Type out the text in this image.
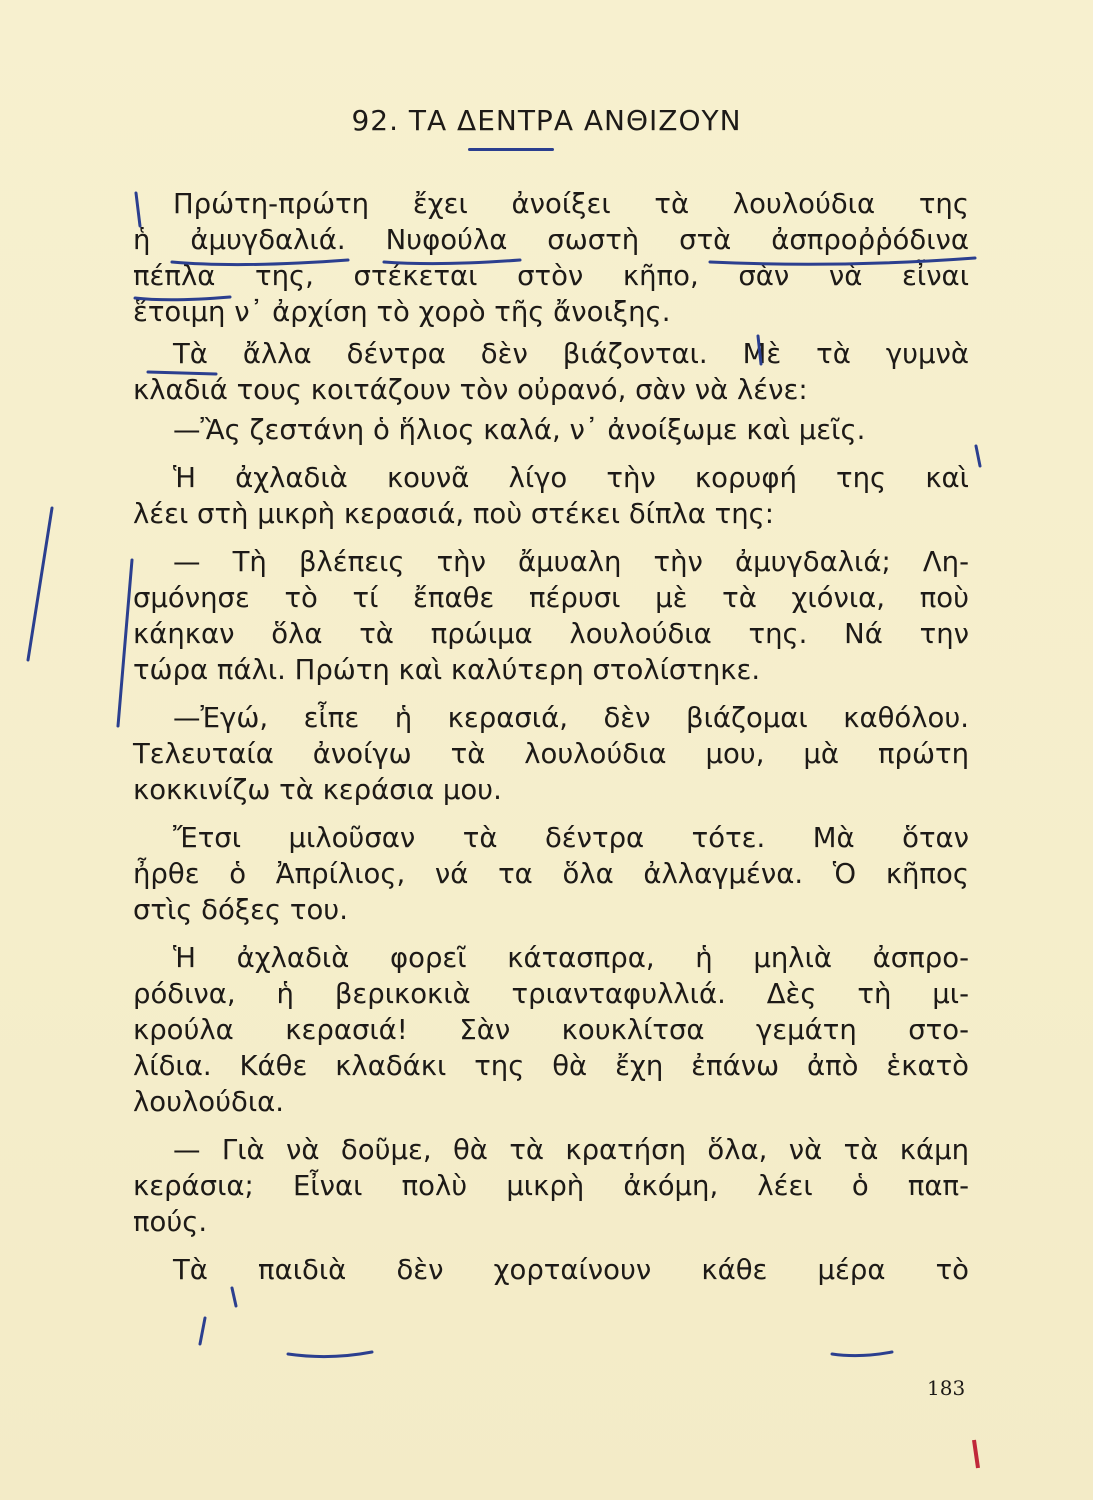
92. ΤΑ ΔΕΝΤΡΑ ΑΝΘΙΖΟΥΝ
Πρώτη-πρώτη ἔχει ἀνοίξει τὰ λουλούδια της
ἡ ἀμυγδαλιά. Νυφούλα σωστὴ στὰ ἀσπροῤῥόδινα
πέπλα της, στέκεται στὸν κῆπο, σὰν νὰ εἶναι
ἕτοιμη ν᾿ ἀρχίση τὸ χορὸ τῆς ἄνοιξης.
Τὰ ἄλλα δέντρα δὲν βιάζονται. Μὲ τὰ γυμνὰ
κλαδιά τους κοιτάζουν τὸν οὐρανό, σὰν νὰ λένε:
—Ἂς ζεστάνη ὁ ἥλιος καλά, ν᾿ ἀνοίξωμε καὶ μεῖς.
Ἡ ἀχλαδιὰ κουνᾶ λίγο τὴν κορυφή της καὶ
λέει στὴ μικρὴ κερασιά, ποὺ στέκει δίπλα της:
— Τὴ βλέπεις τὴν ἄμυαλη τὴν ἀμυγδαλιά; Λη-
σμόνησε τὸ τί ἔπαθε πέρυσι μὲ τὰ χιόνια, ποὺ
κάηκαν ὅλα τὰ πρώιμα λουλούδια της. Νά την
τώρα πάλι. Πρώτη καὶ καλύτερη στολίστηκε.
—Ἐγώ, εἶπε ἡ κερασιά, δὲν βιάζομαι καθόλου.
Τελευταία ἀνοίγω τὰ λουλούδια μου, μὰ πρώτη
κοκκινίζω τὰ κεράσια μου.
Ἔτσι μιλοῦσαν τὰ δέντρα τότε. Μὰ ὅταν
ἦρθε ὁ Ἀπρίλιος, νά τα ὅλα ἀλλαγμένα. Ὁ κῆπος
στὶς δόξες του.
Ἡ ἀχλαδιὰ φορεῖ κάτασπρα, ἡ μηλιὰ ἀσπρο-
ρόδινα, ἡ βερικοκιὰ τριανταφυλλιά. Δὲς τὴ μι-
κρούλα κερασιά! Σὰν κουκλίτσα γεμάτη στο-
λίδια. Κάθε κλαδάκι της θὰ ἔχη ἐπάνω ἀπὸ ἑκατὸ
λουλούδια.
— Γιὰ νὰ δοῦμε, θὰ τὰ κρατήση ὅλα, νὰ τὰ κάμη
κεράσια; Εἶναι πολὺ μικρὴ ἀκόμη, λέει ὁ παπ-
πούς.
Τὰ παιδιὰ δὲν χορταίνουν κάθε μέρα τὸ
183
